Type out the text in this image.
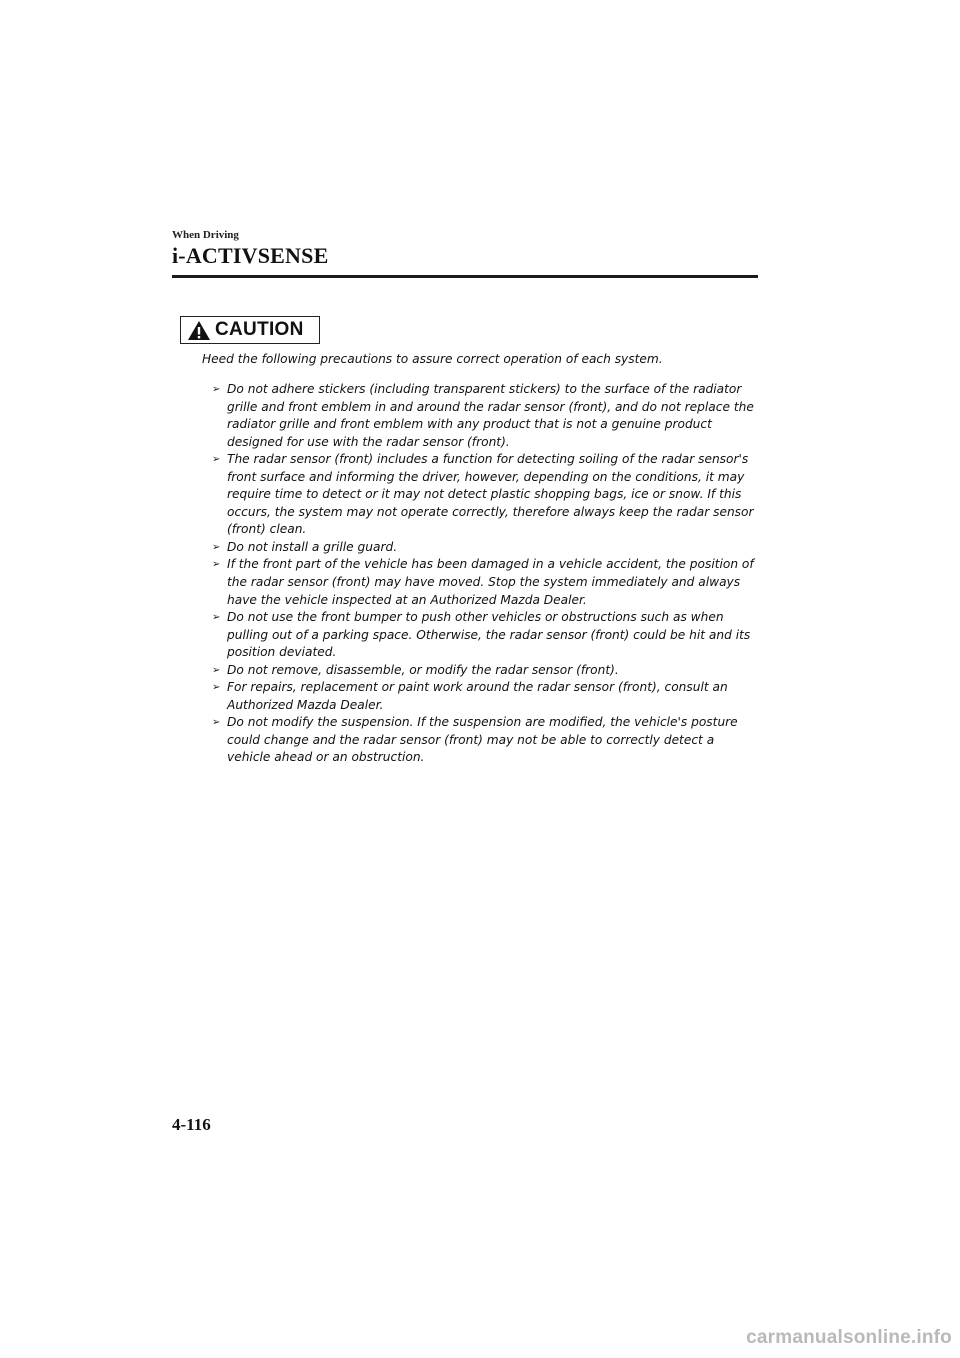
When Driving
i-ACTIVSENSE
CAUTION
Heed the following precautions to assure correct operation of each system.
➢ Do not adhere stickers (including transparent stickers) to the surface of the radiator grille and front emblem in and around the radar sensor (front), and do not replace the radiator grille and front emblem with any product that is not a genuine product designed for use with the radar sensor (front).
➢ The radar sensor (front) includes a function for detecting soiling of the radar sensor's front surface and informing the driver, however, depending on the conditions, it may require time to detect or it may not detect plastic shopping bags, ice or snow. If this occurs, the system may not operate correctly, therefore always keep the radar sensor (front) clean.
➢ Do not install a grille guard.
➢ If the front part of the vehicle has been damaged in a vehicle accident, the position of the radar sensor (front) may have moved. Stop the system immediately and always have the vehicle inspected at an Authorized Mazda Dealer.
➢ Do not use the front bumper to push other vehicles or obstructions such as when pulling out of a parking space. Otherwise, the radar sensor (front) could be hit and its position deviated.
➢ Do not remove, disassemble, or modify the radar sensor (front).
➢ For repairs, replacement or paint work around the radar sensor (front), consult an Authorized Mazda Dealer.
➢ Do not modify the suspension. If the suspension are modified, the vehicle's posture could change and the radar sensor (front) may not be able to correctly detect a vehicle ahead or an obstruction.
4-116
carmanualsonline.info
